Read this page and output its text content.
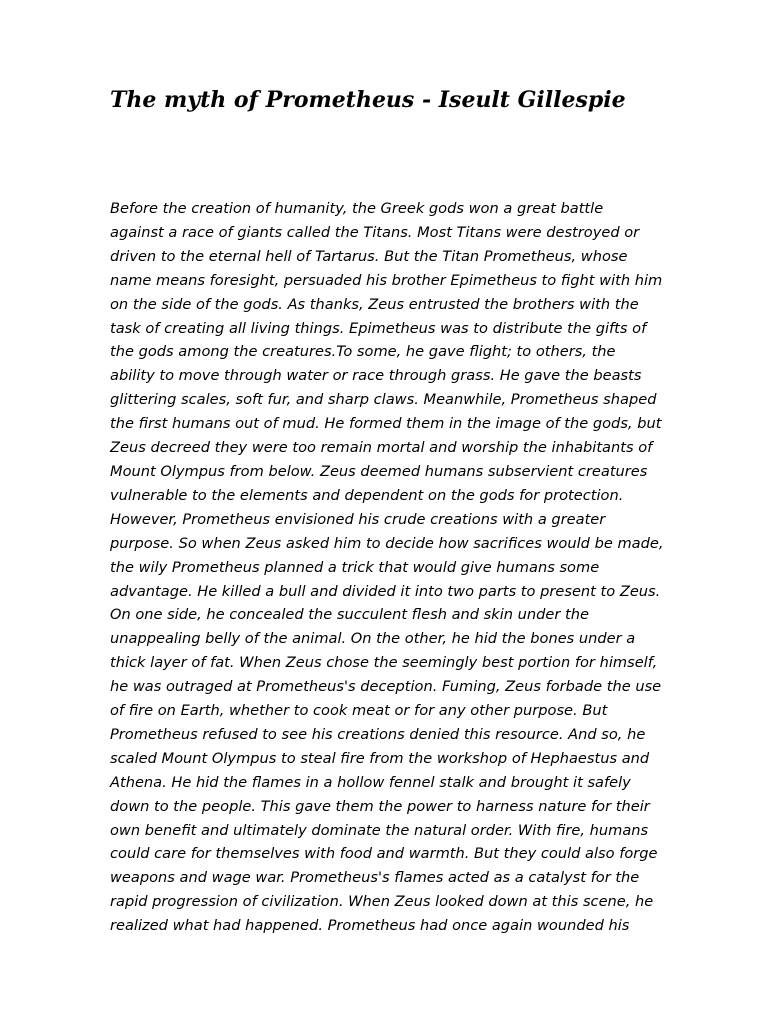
The myth of Prometheus - Iseult Gillespie
Before the creation of humanity, the Greek gods won a great battle
against a race of giants called the Titans. Most Titans were destroyed or
driven to the eternal hell of Tartarus. But the Titan Prometheus, whose
name means foresight, persuaded his brother Epimetheus to fight with him
on the side of the gods. As thanks, Zeus entrusted the brothers with the
task of creating all living things. Epimetheus was to distribute the gifts of
the gods among the creatures.To some, he gave flight; to others, the
ability to move through water or race through grass. He gave the beasts
glittering scales, soft fur, and sharp claws. Meanwhile, Prometheus shaped
the first humans out of mud. He formed them in the image of the gods, but
Zeus decreed they were too remain mortal and worship the inhabitants of
Mount Olympus from below. Zeus deemed humans subservient creatures
vulnerable to the elements and dependent on the gods for protection.
However, Prometheus envisioned his crude creations with a greater
purpose. So when Zeus asked him to decide how sacrifices would be made,
the wily Prometheus planned a trick that would give humans some
advantage. He killed a bull and divided it into two parts to present to Zeus.
On one side, he concealed the succulent flesh and skin under the
unappealing belly of the animal. On the other, he hid the bones under a
thick layer of fat. When Zeus chose the seemingly best portion for himself,
he was outraged at Prometheus's deception. Fuming, Zeus forbade the use
of fire on Earth, whether to cook meat or for any other purpose. But
Prometheus refused to see his creations denied this resource. And so, he
scaled Mount Olympus to steal fire from the workshop of Hephaestus and
Athena. He hid the flames in a hollow fennel stalk and brought it safely
down to the people. This gave them the power to harness nature for their
own benefit and ultimately dominate the natural order. With fire, humans
could care for themselves with food and warmth. But they could also forge
weapons and wage war. Prometheus's flames acted as a catalyst for the
rapid progression of civilization. When Zeus looked down at this scene, he
realized what had happened. Prometheus had once again wounded his
